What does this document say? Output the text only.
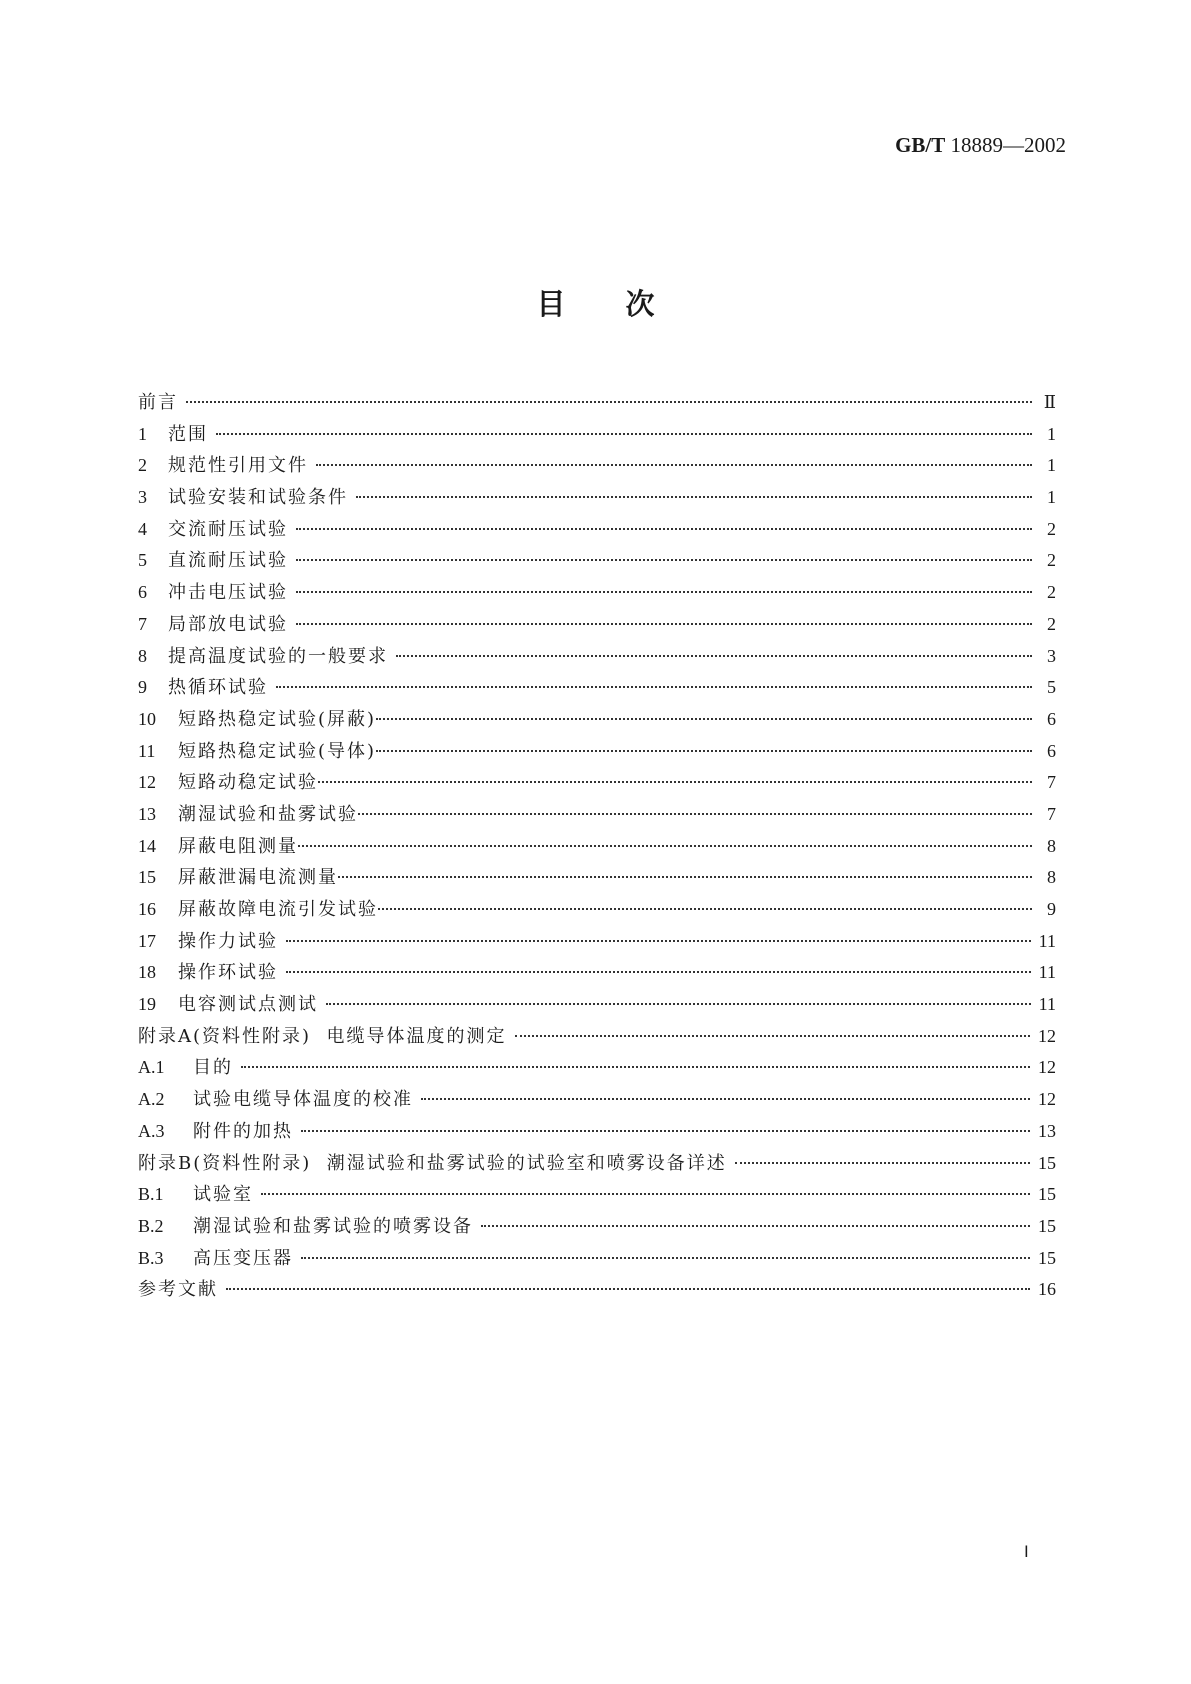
GB/T 18889—2002
目次
前言	Ⅱ
1	范围	1
2	规范性引用文件	1
3	试验安装和试验条件	1
4	交流耐压试验	2
5	直流耐压试验	2
6	冲击电压试验	2
7	局部放电试验	2
8	提高温度试验的一般要求	3
9	热循环试验	5
10	短路热稳定试验(屏蔽)	6
11	短路热稳定试验(导体)	6
12	短路动稳定试验	7
13	潮湿试验和盐雾试验	7
14	屏蔽电阻测量	8
15	屏蔽泄漏电流测量	8
16	屏蔽故障电流引发试验	9
17	操作力试验	11
18	操作环试验	11
19	电容测试点测试	11
附录A(资料性附录)  电缆导体温度的测定	12
A.1	目的	12
A.2	试验电缆导体温度的校准	12
A.3	附件的加热	13
附录B(资料性附录)  潮湿试验和盐雾试验的试验室和喷雾设备详述	15
B.1	试验室	15
B.2	潮湿试验和盐雾试验的喷雾设备	15
B.3	高压变压器	15
参考文献	16
Ⅰ
